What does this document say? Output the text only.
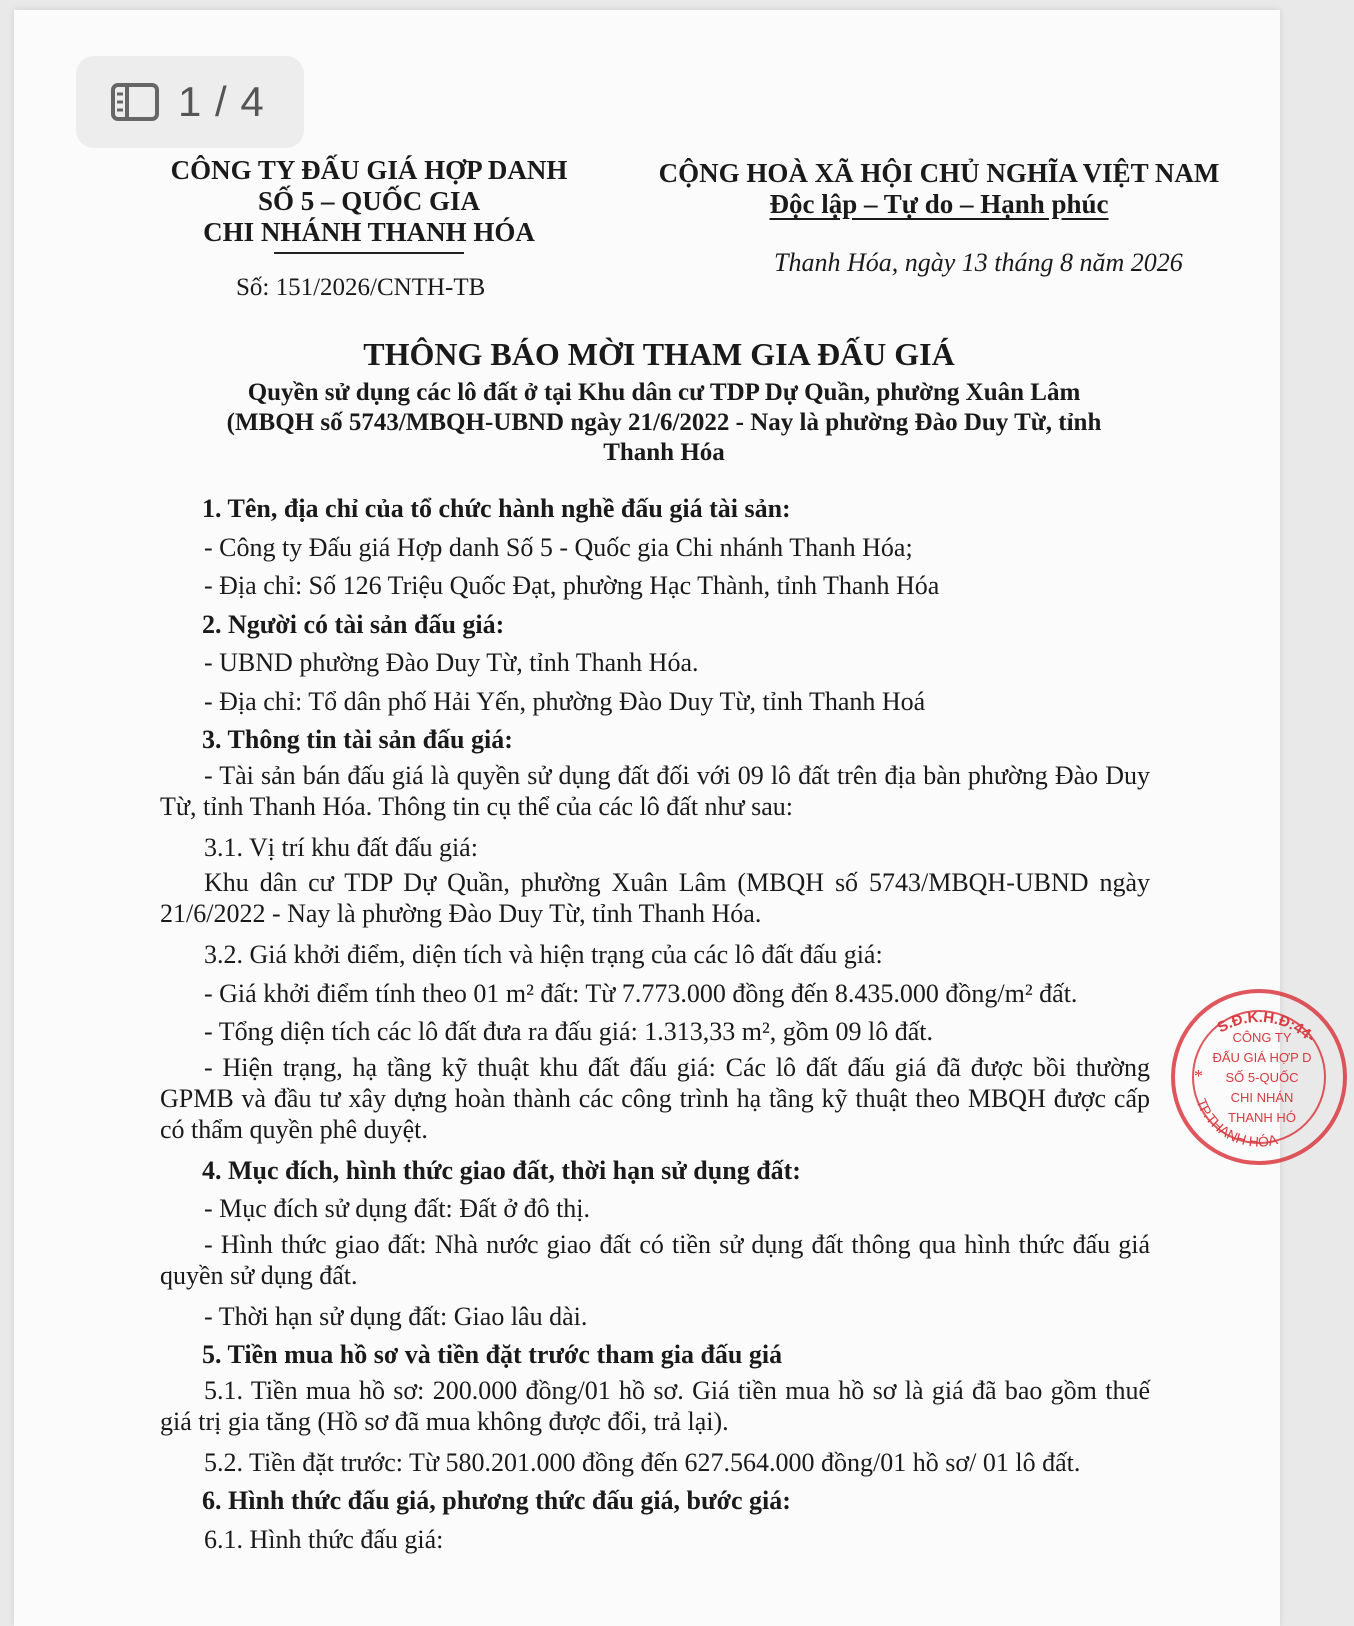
1 / 4
CÔNG TY ĐẤU GIÁ HỢP DANH
SỐ 5 – QUỐC GIA
CHI NHÁNH THANH HÓA
CỘNG HOÀ XÃ HỘI CHỦ NGHĨA VIỆT NAM
Độc lập – Tự do – Hạnh phúc
Thanh Hóa, ngày 13 tháng 8 năm 2026
Số: 151/2026/CNTH-TB
THÔNG BÁO MỜI THAM GIA ĐẤU GIÁ
Quyền sử dụng các lô đất ở tại Khu dân cư TDP Dự Quần, phường Xuân Lâm
(MBQH số 5743/MBQH-UBND ngày 21/6/2022 - Nay là phường Đào Duy Từ, tỉnh
Thanh Hóa

1. Tên, địa chỉ của tổ chức hành nghề đấu giá tài sản:

- Công ty Đấu giá Hợp danh Số 5 - Quốc gia Chi nhánh Thanh Hóa;

- Địa chỉ: Số 126 Triệu Quốc Đạt, phường Hạc Thành, tỉnh Thanh Hóa

2. Người có tài sản đấu giá:

- UBND phường Đào Duy Từ, tỉnh Thanh Hóa.

- Địa chỉ: Tổ dân phố Hải Yến, phường Đào Duy Từ, tỉnh Thanh Hoá

3. Thông tin tài sản đấu giá:

- Tài sản bán đấu giá là quyền sử dụng đất đối với 09 lô đất trên địa bàn phường Đào Duy Từ, tỉnh Thanh Hóa. Thông tin cụ thể của các lô đất như sau:

3.1. Vị trí khu đất đấu giá:

Khu dân cư TDP Dự Quần, phường Xuân Lâm (MBQH số 5743/MBQH-UBND ngày 21/6/2022 - Nay là phường Đào Duy Từ, tỉnh Thanh Hóa.

3.2. Giá khởi điểm, diện tích và hiện trạng của các lô đất đấu giá:

- Giá khởi điểm tính theo 01 m² đất: Từ 7.773.000 đồng đến 8.435.000 đồng/m² đất.

- Tổng diện tích các lô đất đưa ra đấu giá: 1.313,33 m², gồm 09 lô đất.

- Hiện trạng, hạ tầng kỹ thuật khu đất đấu giá: Các lô đất đấu giá đã được bồi thường GPMB và đầu tư xây dựng hoàn thành các công trình hạ tầng kỹ thuật theo MBQH được cấp có thẩm quyền phê duyệt.

4. Mục đích, hình thức giao đất, thời hạn sử dụng đất:

- Mục đích sử dụng đất: Đất ở đô thị.

- Hình thức giao đất: Nhà nước giao đất có tiền sử dụng đất thông qua hình thức đấu giá quyền sử dụng đất.

- Thời hạn sử dụng đất: Giao lâu dài.

5. Tiền mua hồ sơ và tiền đặt trước tham gia đấu giá

5.1. Tiền mua hồ sơ: 200.000 đồng/01 hồ sơ. Giá tiền mua hồ sơ là giá đã bao gồm thuế giá trị gia tăng (Hồ sơ đã mua không được đổi, trả lại).

5.2. Tiền đặt trước: Từ 580.201.000 đồng đến 627.564.000 đồng/01 hồ sơ/ 01 lô đất.

6. Hình thức đấu giá, phương thức đấu giá, bước giá:

6.1. Hình thức đấu giá:

S.Đ.K.H.Đ:44-
TP.THANH HÓA
*
CÔNG TY
ĐẤU GIÁ HỢP D
SỐ 5-QUỐC
CHI NHÁN
THANH HÓ
